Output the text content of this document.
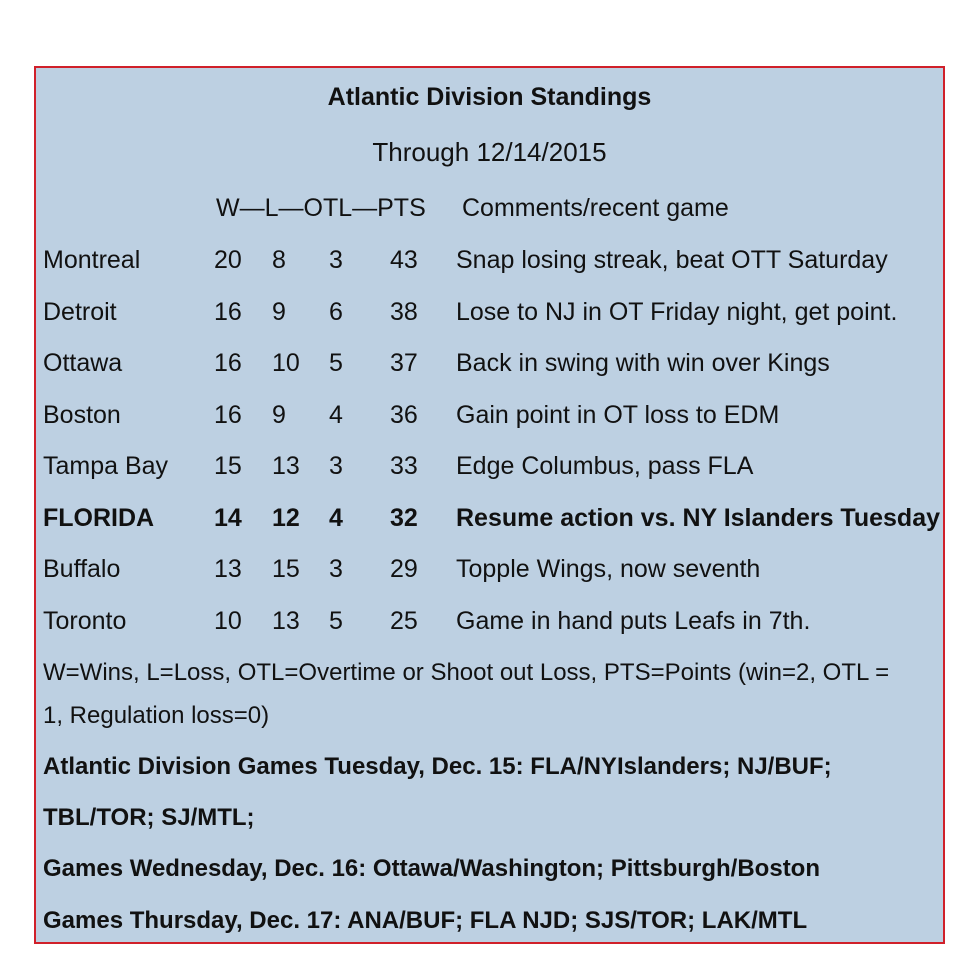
Atlantic Division Standings
Through 12/14/2015
W—L—OTL—PTS Comments/recent game
Montreal	20 8 3 43 Snap losing streak, beat OTT Saturday
Detroit	16 9 6 38 Lose to NJ in OT Friday night, get point.
Ottawa	16 10 5 37 Back in swing with win over Kings
Boston	16 9 4 36 Gain point in OT loss to EDM
Tampa Bay 15 13 3 33 Edge Columbus, pass FLA
FLORIDA 14 12 4 32 Resume action vs. NY Islanders Tuesday
Buffalo	13 15 3 29 Topple Wings, now seventh
Toronto	10 13 5 25 Game in hand puts Leafs in 7th.
W=Wins, L=Loss, OTL=Overtime or Shoot out Loss, PTS=Points (win=2, OTL =
1, Regulation loss=0)
Atlantic Division Games Tuesday, Dec. 15: FLA/NYIslanders; NJ/BUF;
TBL/TOR; SJ/MTL;
Games Wednesday, Dec. 16: Ottawa/Washington; Pittsburgh/Boston
Games Thursday, Dec. 17: ANA/BUF; FLA NJD; SJS/TOR; LAK/MTL
